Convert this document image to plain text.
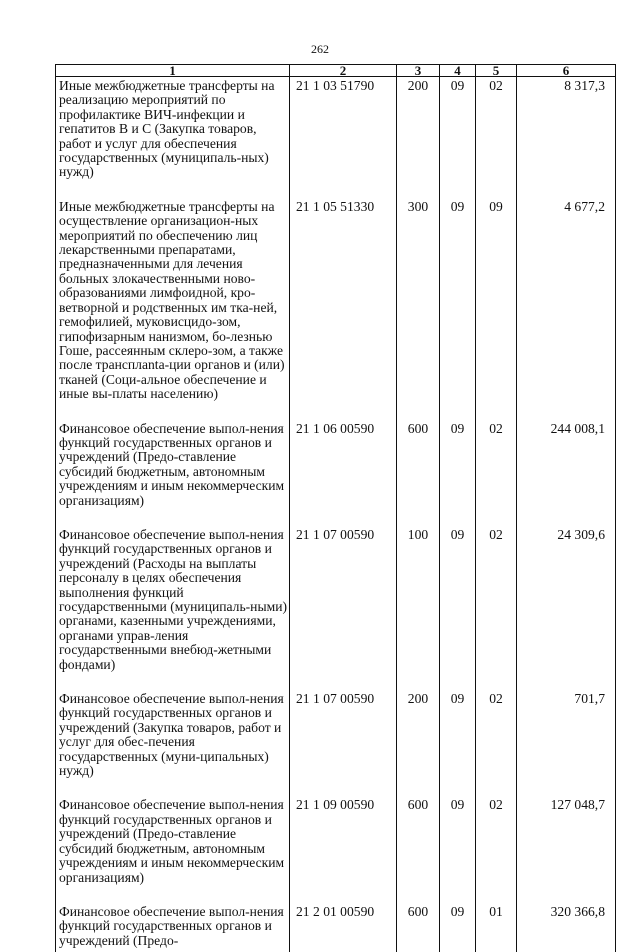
262
1	2	3	4	5	6
Иные межбюджетные трансферты на реализацию мероприятий по профилактике ВИЧ-инфекции и гепатитов В и С (Закупка товаров, работ и услуг для обеспечения государственных (муниципаль-ных) нужд)	21 1 03 51790	200	09	02	8 317,3
Иные межбюджетные трансферты на осуществление организацион-ных мероприятий по обеспечению лиц лекарственными препаратами, предназначенными для лечения больных злокачественными ново-образованиями лимфоидной, кро-ветворной и родственных им тка-ней, гемофилией, муковисцидо-зом, гипофизарным нанизмом, бо-лезнью Гоше, рассеянным склеро-зом, а также после трансплanta-ции органов и (или) тканей (Соци-альное обеспечение и иные вы-платы населению)	21 1 05 51330	300	09	09	4 677,2
Финансовое обеспечение выпол-нения функций государственных органов и учреждений (Предо-ставление субсидий бюджетным, автономным учреждениям и иным некоммерческим организациям)	21 1 06 00590	600	09	02	244 008,1
Финансовое обеспечение выпол-нения функций государственных органов и учреждений (Расходы на выплаты персоналу в целях обеспечения выполнения функций государственными (муниципаль-ными) органами, казенными учреждениями, органами управ-ления государственными внебюд-жетными фондами)	21 1 07 00590	100	09	02	24 309,6
Финансовое обеспечение выпол-нения функций государственных органов и учреждений (Закупка товаров, работ и услуг для обес-печения государственных (муни-ципальных) нужд)	21 1 07 00590	200	09	02	701,7
Финансовое обеспечение выпол-нения функций государственных органов и учреждений (Предо-ставление субсидий бюджетным, автономным учреждениям и иным некоммерческим организациям)	21 1 09 00590	600	09	02	127 048,7
Финансовое обеспечение выпол-нения функций государственных органов и учреждений (Предо-	21 2 01 00590	600	09	01	320 366,8
